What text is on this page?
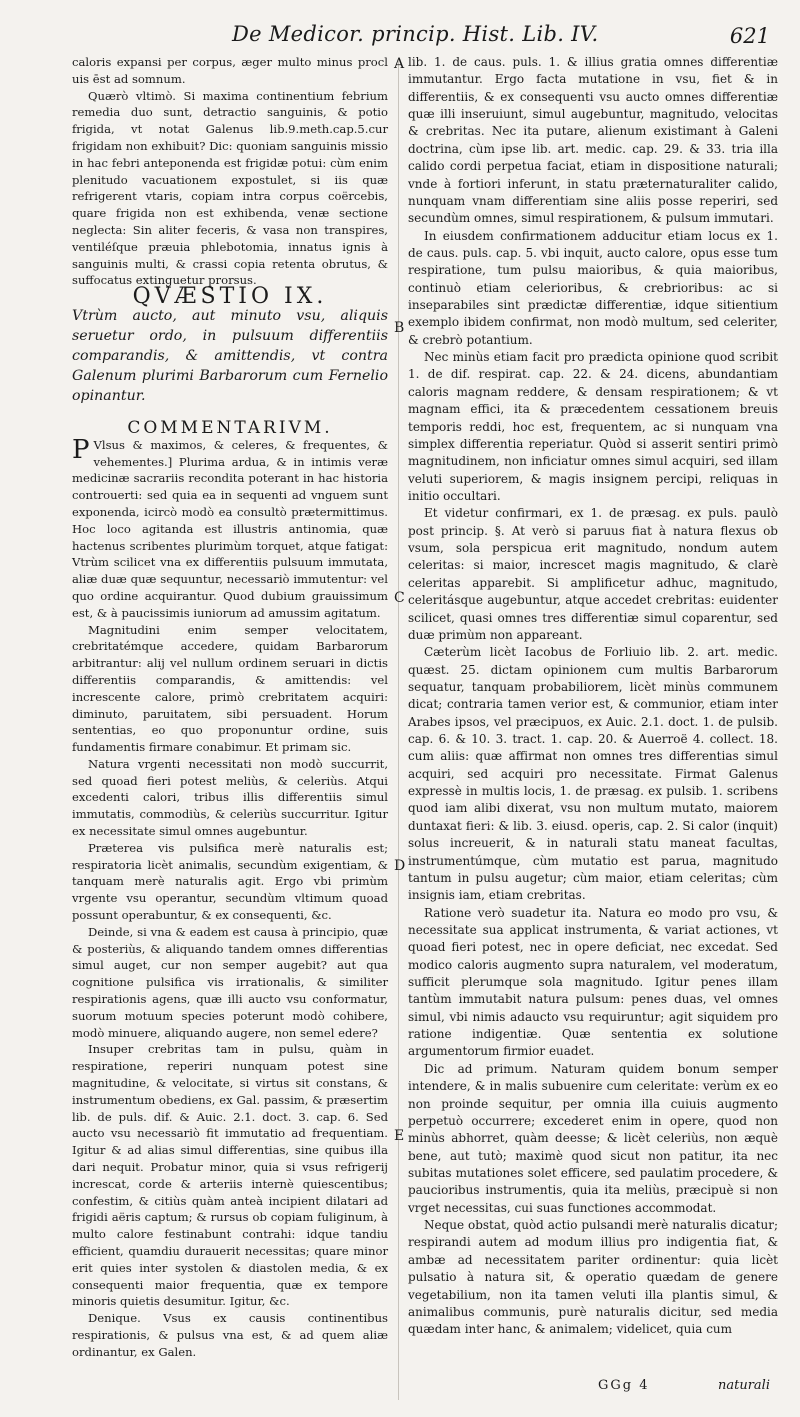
De Medicor. princip. Hist. Lib. IV.	621

caloris expansi per corpus, æger multo minus procl uis ēst ad somnum.

Quærò vltimò. Si maxima continentium febrium remedia duo sunt, detractio sanguinis, & potio frigida, vt notat Galenus lib.9.meth.cap.5.cur frigidam non exhibuit? Dic: quoniam sanguinis missio in hac febri anteponenda est frigidæ potui: cùm enim plenitudo vacuationem expostulet, si iis quæ refrigerent vtaris, copiam intra corpus coërcebis, quare frigida non est exhibenda, venæ sectione neglecta: Sin aliter feceris, & vasa non transpires, ventiléſque præuia phlebotomia, innatus ignis à sanguinis multi, & crassi copia retenta obrutus, & suffocatus extinguetur prorsus.

QVÆSTIO IX.

Vtrùm aucto, aut minuto vsu, aliquis seruetur ordo, in pulsuum differentiis comparandis, & amittendis, vt contra Galenum plurimi Barbarorum cum Fernelio opinantur.

COMMENTARIVM.

P Vlsus & maximos, & celeres, & frequentes, & vehementes.] Plurima ardua, & in intimis veræ medicinæ sacrariis recondita poterant in hac historia controuerti: sed quia ea in sequenti ad vnguem sunt exponenda, icircò modò ea consultò prætermittimus. Hoc loco agitanda est illustris antinomia, quæ hactenus scribentes plurimùm torquet, atque fatigat: Vtrùm scilicet vna ex differentiis pulsuum immutata, aliæ duæ quæ sequuntur, necessariò immutentur: vel quo ordine acquirantur. Quod dubium grauissimum est, & à paucissimis iuniorum ad amussim agitatum.

Magnitudini enim semper velocitatem, crebritatémque accedere, quidam Barbarorum arbitrantur: alij vel nullum ordinem seruari in dictis differentiis comparandis, & amittendis: vel increscente calore, primò crebritatem acquiri: diminuto, paruitatem, sibi persuadent. Horum sententias, eo quo proponuntur ordine, suis fundamentis firmare conabimur. Et primam sic.

Natura vrgenti necessitati non modò succurrit, sed quoad fieri potest meliùs, & celeriùs. Atqui excedenti calori, tribus illis differentiis simul immutatis, commodiùs, & celeriùs succurritur. Igitur ex necessitate simul omnes augebuntur.

Præterea vis pulsifica merè naturalis est; respiratoria licèt animalis, secundùm exigentiam, & tanquam merè naturalis agit. Ergo vbi primùm vrgente vsu operantur, secundùm vltimum quoad possunt operabuntur, & ex consequenti, &c.

Deinde, si vna & eadem est causa à principio, quæ & posteriùs, & aliquando tandem omnes differentias simul auget, cur non semper augebit? aut qua cognitione pulsifica vis irrationalis, & similiter respirationis agens, quæ illi aucto vsu conformatur, suorum motuum species poterunt modò cohibere, modò minuere, aliquando augere, non semel edere?

Insuper crebritas tam in pulsu, quàm in respiratione, reperiri nunquam potest sine magnitudine, & velocitate, si virtus sit constans, & instrumentum obediens, ex Gal. passim, & præsertim lib. de puls. dif. & Auic. 2.1. doct. 3. cap. 6. Sed aucto vsu necessariò fit immutatio ad frequentiam. Igitur & ad alias simul differentias, sine quibus illa dari nequit. Probatur minor, quia si vsus refrigerij increscat, corde & arteriis internè quiescentibus; confestim, & citiùs quàm anteà incipient dilatari ad frigidi aëris captum; & rursus ob copiam fuliginum, à multo calore festinabunt contrahi: idque tandiu efficient, quamdiu durauerit necessitas; quare minor erit quies inter systolen & diastolen media, & ex consequenti maior frequentia, quæ ex tempore minoris quietis desumitur. Igitur, &c.

Denique. Vsus ex causis continentibus respirationis, & pulsus vna est, & ad quem aliæ ordinantur, ex Galen.

lib. 1. de caus. puls. 1. & illius gratia omnes differentiæ immutantur. Ergo facta mutatione in vsu, fiet & in differentiis, & ex consequenti vsu aucto omnes differentiæ quæ illi inseruiunt, simul augebuntur, magnitudo, velocitas & crebritas. Nec ita putare, alienum existimant à Galeni doctrina, cùm ipse lib. art. medic. cap. 29. & 33. tria illa calido cordi perpetua faciat, etiam in dispositione naturali; vnde à fortiori inferunt, in statu præternaturaliter calido, nunquam vnam differentiam sine aliis posse reperiri, sed secundùm omnes, simul respirationem, & pulsum immutari.

In eiusdem confirmationem adducitur etiam locus ex 1. de caus. puls. cap. 5. vbi inquit, aucto calore, opus esse tum respiratione, tum pulsu maioribus, & quia maioribus, continuò etiam celerioribus, & crebrioribus: ac si inseparabiles sint prædictæ differentiæ, idque sitientium exemplo ibidem confirmat, non modò multum, sed celeriter, & crebrò potantium.

Nec minùs etiam facit pro prædicta opinione quod scribit 1. de dif. respirat. cap. 22. & 24. dicens, abundantiam caloris magnam reddere, & densam respirationem; & vt magnam effici, ita & præcedentem cessationem breuis temporis reddi, hoc est, frequentem, ac si nunquam vna simplex differentia reperiatur. Quòd si asserit sentiri primò magnitudinem, non inficiatur omnes simul acquiri, sed illam veluti superiorem, & magis insignem percipi, reliquas in initio occultari.

Et videtur confirmari, ex 1. de præsag. ex puls. paulò post princip. §. At verò si paruus fiat à natura flexus ob vsum, sola perspicua erit magnitudo, nondum autem celeritas: si maior, increscet magis magnitudo, & clarè celeritas apparebit. Si amplificetur adhuc, magnitudo, celeritásque augebuntur, atque accedet crebritas: euidenter scilicet, quasi omnes tres differentiæ simul coparentur, sed duæ primùm non appareant.

Cæterùm licèt Iacobus de Forliuio lib. 2. art. medic. quæst. 25. dictam opinionem cum multis Barbarorum sequatur, tanquam probabiliorem, licèt minùs communem dicat; contraria tamen verior est, & communior, etiam inter Arabes ipsos, vel præcipuos, ex Auic. 2.1. doct. 1. de pulsib. cap. 6. & 10. 3. tract. 1. cap. 20. & Auerroë 4. collect. 18. cum aliis: quæ affirmat non omnes tres differentias simul acquiri, sed acquiri pro necessitate. Firmat Galenus expressè in multis locis, 1. de præsag. ex pulsib. 1. scribens quod iam alibi dixerat, vsu non multum mutato, maiorem duntaxat fieri: & lib. 3. eiusd. operis, cap. 2. Si calor (inquit) solus increuerit, & in naturali statu maneat facultas, instrumentúmque, cùm mutatio est parua, magnitudo tantum in pulsu augetur; cùm maior, etiam celeritas; cùm insignis iam, etiam crebritas.

Ratione verò suadetur ita. Natura eo modo pro vsu, & necessitate sua applicat instrumenta, & variat actiones, vt quoad fieri potest, nec in opere deficiat, nec excedat. Sed modico caloris augmento supra naturalem, vel moderatum, sufficit plerumque sola magnitudo. Igitur penes illam tantùm immutabit natura pulsum: penes duas, vel omnes simul, vbi nimis adaucto vsu requiruntur; agit siquidem pro ratione indigentiæ. Quæ sententia ex solutione argumentorum firmior euadet.

Dic ad primum. Naturam quidem bonum semper intendere, & in malis subuenire cum celeritate: verùm ex eo non proinde sequitur, per omnia illa cuiuis augmento perpetuò occurrere; excederet enim in opere, quod non minùs abhorret, quàm deesse; & licèt celeriùs, non æquè bene, aut tutò; maximè quod sicut non patitur, ita nec subitas mutationes solet efficere, sed paulatim procedere, & paucioribus instrumentis, quia ita meliùs, præcipuè si non vrget necessitas, cui suas functiones accommodat.

Neque obstat, quòd actio pulsandi merè naturalis dicatur; respirandi autem ad modum illius pro indigentia fiat, & ambæ ad necessitatem pariter ordinentur: quia licèt pulsatio à natura sit, & operatio quædam de genere vegetabilium, non ita tamen veluti illa plantis simul, & animalibus communis, purè naturalis dicitur, sed media quædam inter hanc, & animalem; videlicet, quia cum

A
B
C
D
E
GGg 4	naturali
